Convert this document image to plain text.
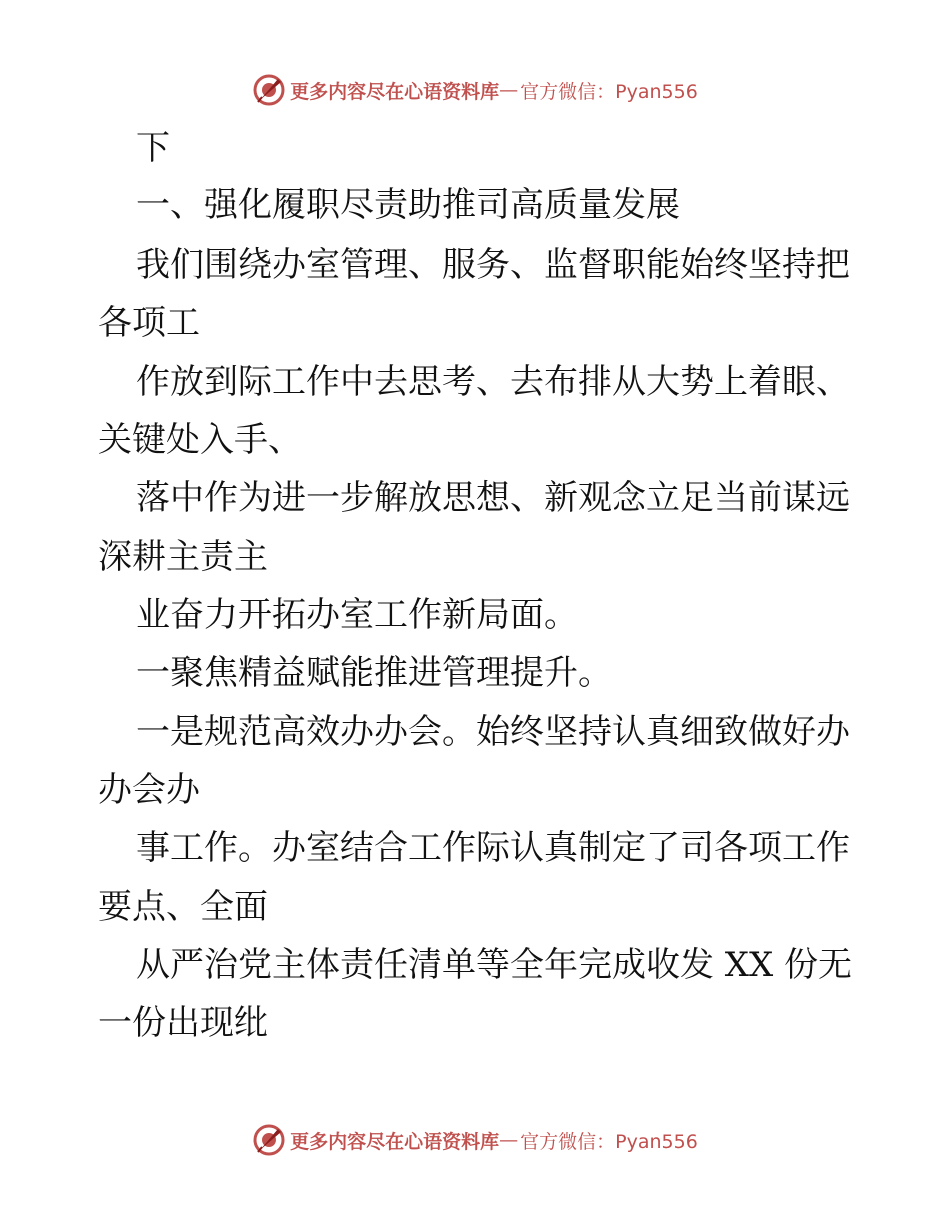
更多内容尽在心语资料库 — 官方微信：Pyan556
下
一、强化履职尽责助推司高质量发展
我们围绕办室管理、服务、监督职能始终坚持把
各项工
作放到际工作中去思考、去布排从大势上着眼、
关键处入手、
落中作为进一步解放思想、新观念立足当前谋远
深耕主责主
业奋力开拓办室工作新局面。
一聚焦精益赋能推进管理提升。
一是规范高效办办会。始终坚持认真细致做好办
办会办
事工作。办室结合工作际认真制定了司各项工作
要点、全面
从严治党主体责任清单等全年完成收发 XX 份无
一份出现纰
更多内容尽在心语资料库 — 官方微信：Pyan556
